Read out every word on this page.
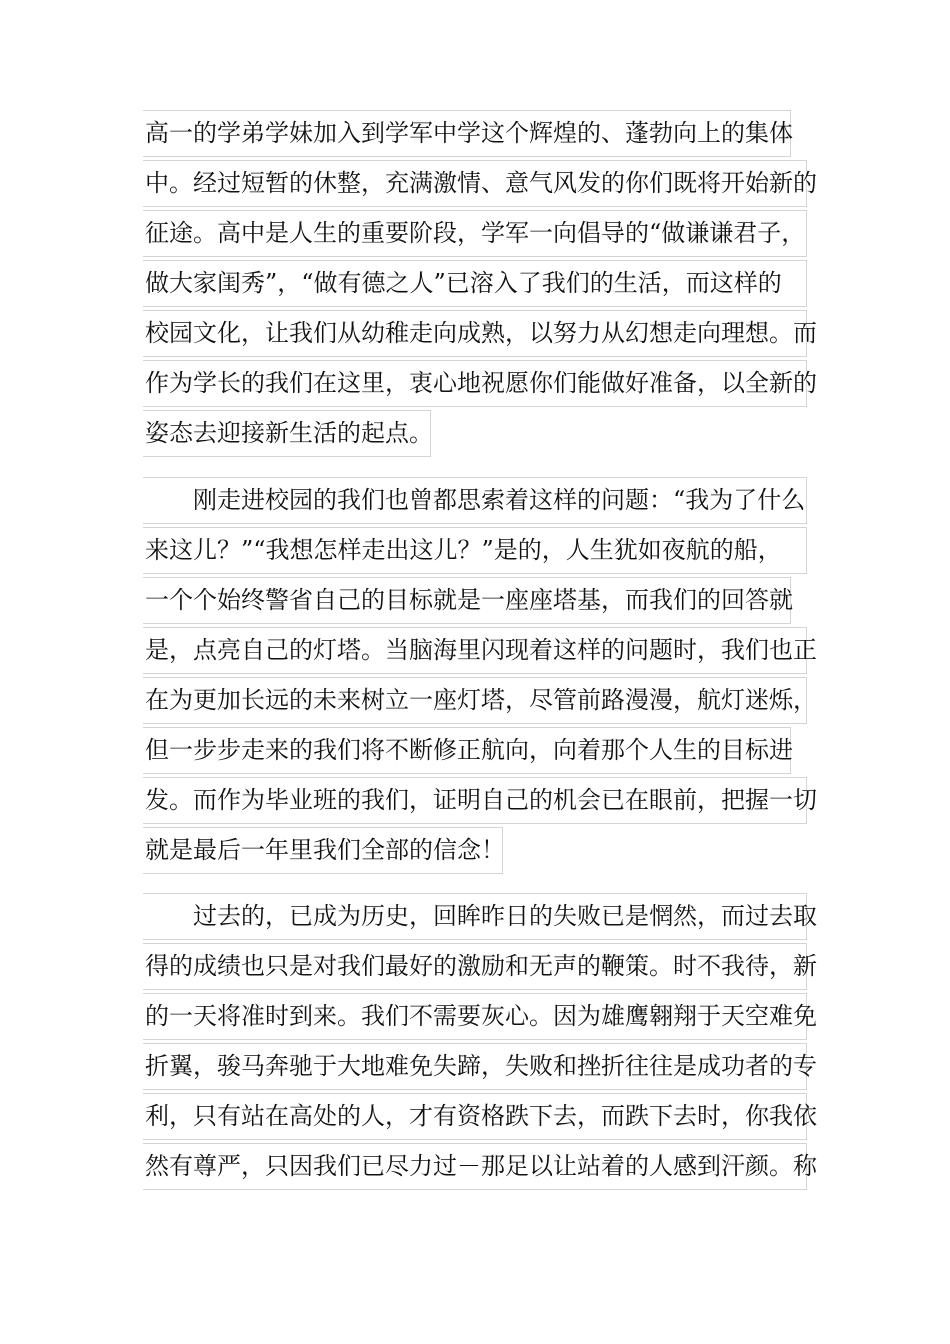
高一的学弟学妹加入到学军中学这个辉煌的、蓬勃向上的集体
中。经过短暂的休整，充满激情、意气风发的你们既将开始新的
征途。高中是人生的重要阶段，学军一向倡导的“做谦谦君子，
做大家闺秀”，“做有德之人”已溶入了我们的生活，而这样的
校园文化，让我们从幼稚走向成熟，以努力从幻想走向理想。而
作为学长的我们在这里，衷心地祝愿你们能做好准备，以全新的
姿态去迎接新生活的起点。
刚走进校园的我们也曾都思索着这样的问题：“我为了什么
来这儿？”“我想怎样走出这儿？”是的，人生犹如夜航的船，
一个个始终警省自己的目标就是一座座塔基，而我们的回答就
是，点亮自己的灯塔。当脑海里闪现着这样的问题时，我们也正
在为更加长远的未来树立一座灯塔，尽管前路漫漫，航灯迷烁，
但一步步走来的我们将不断修正航向，向着那个人生的目标进
发。而作为毕业班的我们，证明自己的机会已在眼前，把握一切
就是最后一年里我们全部的信念！
过去的，已成为历史，回眸昨日的失败已是惘然，而过去取
得的成绩也只是对我们最好的激励和无声的鞭策。时不我待，新
的一天将准时到来。我们不需要灰心。因为雄鹰翱翔于天空难免
折翼，骏马奔驰于大地难免失蹄，失败和挫折往往是成功者的专
利，只有站在高处的人，才有资格跌下去，而跌下去时，你我依
然有尊严，只因我们已尽力过－那足以让站着的人感到汗颜。称
